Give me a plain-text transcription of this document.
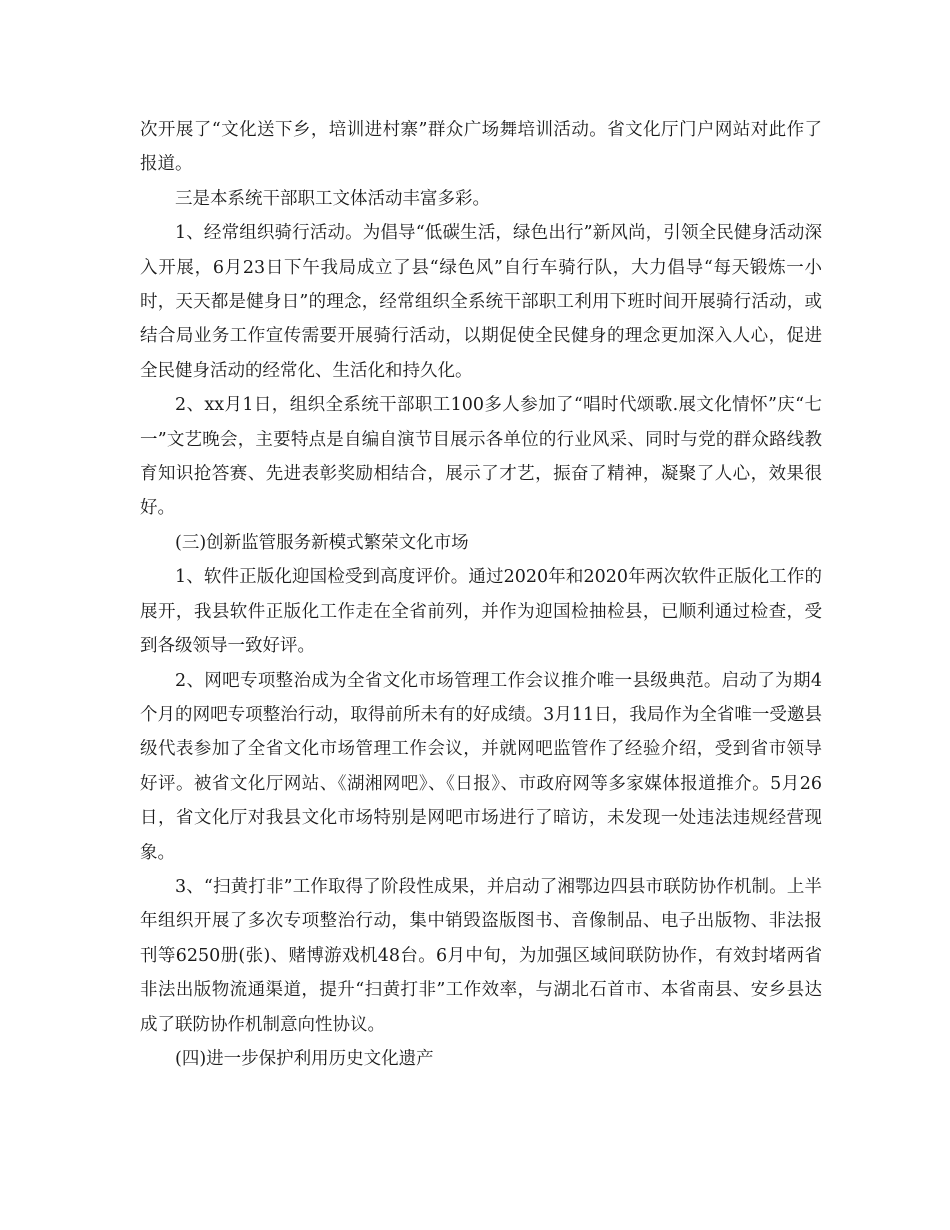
次开展了“文化送下乡，培训进村寨”群众广场舞培训活动。省文化厅门户网站对此作了报道。

三是本系统干部职工文体活动丰富多彩。

1、经常组织骑行活动。为倡导“低碳生活，绿色出行”新风尚，引领全民健身活动深入开展，6月23日下午我局成立了县“绿色风”自行车骑行队，大力倡导“每天锻炼一小时，天天都是健身日”的理念，经常组织全系统干部职工利用下班时间开展骑行活动，或结合局业务工作宣传需要开展骑行活动，以期促使全民健身的理念更加深入人心，促进全民健身活动的经常化、生活化和持久化。

2、xx月1日，组织全系统干部职工100多人参加了“唱时代颂歌.展文化情怀”庆“七一”文艺晚会，主要特点是自编自演节目展示各单位的行业风采、同时与党的群众路线教育知识抢答赛、先进表彰奖励相结合，展示了才艺，振奋了精神，凝聚了人心，效果很好。

(三)创新监管服务新模式繁荣文化市场

1、软件正版化迎国检受到高度评价。通过2020年和2020年两次软件正版化工作的展开，我县软件正版化工作走在全省前列，并作为迎国检抽检县，已顺利通过检查，受到各级领导一致好评。

2、网吧专项整治成为全省文化市场管理工作会议推介唯一县级典范。启动了为期4个月的网吧专项整治行动，取得前所未有的好成绩。3月11日，我局作为全省唯一受邀县级代表参加了全省文化市场管理工作会议，并就网吧监管作了经验介绍，受到省市领导好评。被省文化厅网站、《湖湘网吧》、《日报》、市政府网等多家媒体报道推介。5月26日，省文化厅对我县文化市场特别是网吧市场进行了暗访，未发现一处违法违规经营现象。

3、“扫黄打非”工作取得了阶段性成果，并启动了湘鄂边四县市联防协作机制。上半年组织开展了多次专项整治行动，集中销毁盗版图书、音像制品、电子出版物、非法报刊等6250册(张)、赌博游戏机48台。6月中旬，为加强区域间联防协作，有效封堵两省非法出版物流通渠道，提升“扫黄打非”工作效率，与湖北石首市、本省南县、安乡县达成了联防协作机制意向性协议。

(四)进一步保护利用历史文化遗产
